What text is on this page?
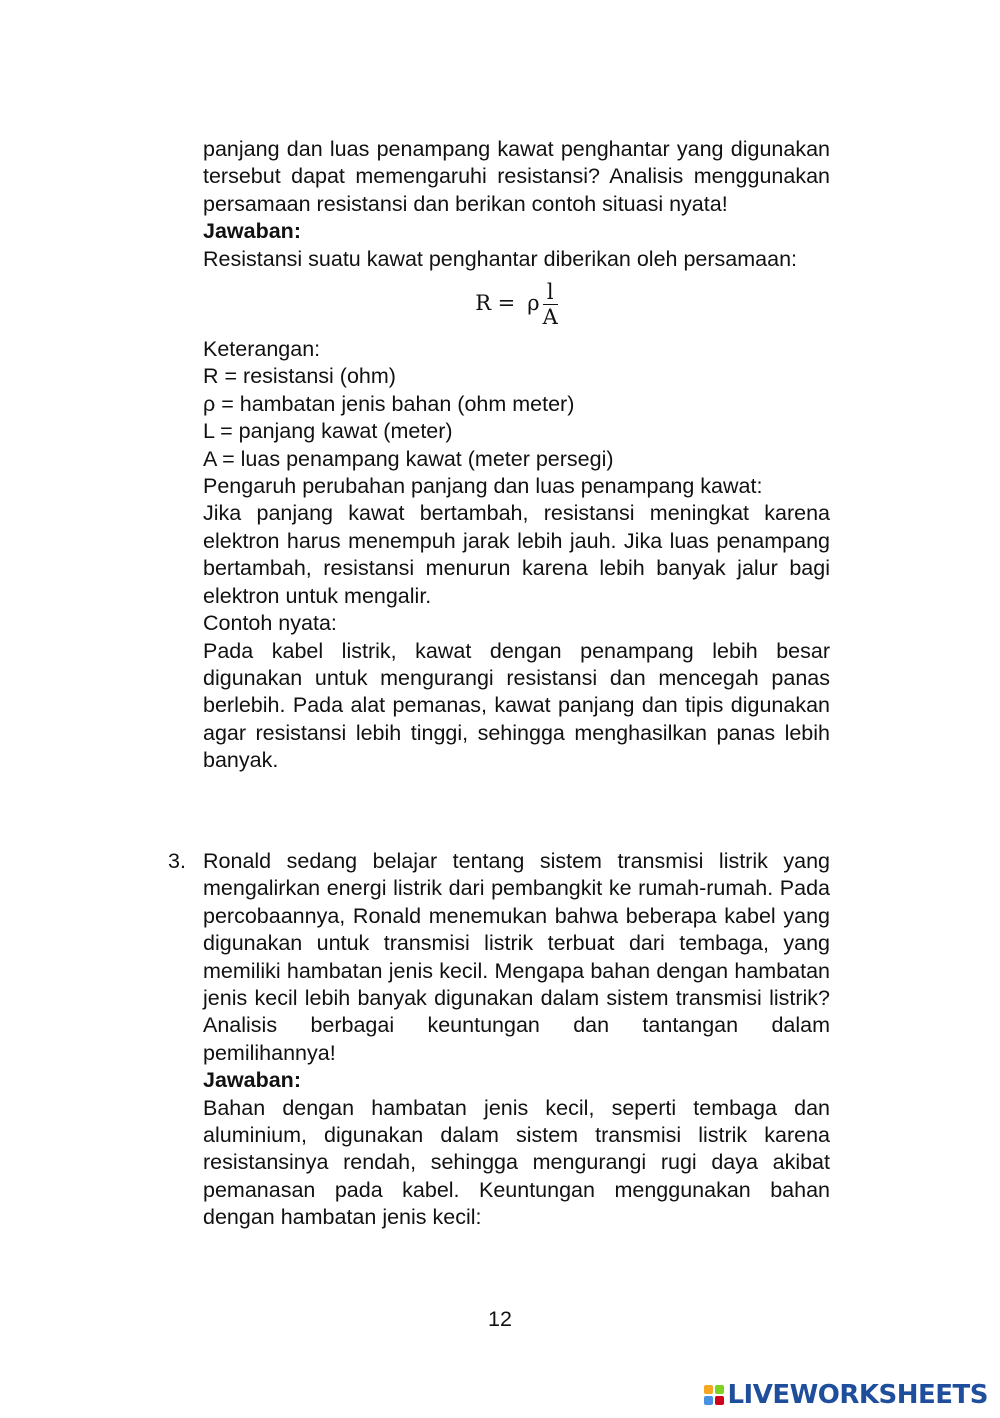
panjang dan luas penampang kawat penghantar yang digunakan tersebut dapat memengaruhi resistansi? Analisis menggunakan persamaan resistansi dan berikan contoh situasi nyata!

Jawaban:

Resistansi suatu kawat penghantar diberikan oleh persamaan:

R = ρ $\frac{l}{A}$

Keterangan:

R = resistansi (ohm)

ρ = hambatan jenis bahan (ohm meter)

L = panjang kawat (meter)

A = luas penampang kawat (meter persegi)

Pengaruh perubahan panjang dan luas penampang kawat:

Jika panjang kawat bertambah, resistansi meningkat karena elektron harus menempuh jarak lebih jauh. Jika luas penampang bertambah, resistansi menurun karena lebih banyak jalur bagi elektron untuk mengalir.

Contoh nyata:

Pada kabel listrik, kawat dengan penampang lebih besar digunakan untuk mengurangi resistansi dan mencegah panas berlebih. Pada alat pemanas, kawat panjang dan tipis digunakan agar resistansi lebih tinggi, sehingga menghasilkan panas lebih banyak.

3. Ronald sedang belajar tentang sistem transmisi listrik yang mengalirkan energi listrik dari pembangkit ke rumah-rumah. Pada percobaannya, Ronald menemukan bahwa beberapa kabel yang digunakan untuk transmisi listrik terbuat dari tembaga, yang memiliki hambatan jenis kecil. Mengapa bahan dengan hambatan jenis kecil lebih banyak digunakan dalam sistem transmisi listrik? Analisis berbagai keuntungan dan tantangan dalam pemilihannya!

Jawaban:

Bahan dengan hambatan jenis kecil, seperti tembaga dan aluminium, digunakan dalam sistem transmisi listrik karena resistansinya rendah, sehingga mengurangi rugi daya akibat pemanasan pada kabel. Keuntungan menggunakan bahan dengan hambatan jenis kecil:

12
LIVEWORKSHEETS
